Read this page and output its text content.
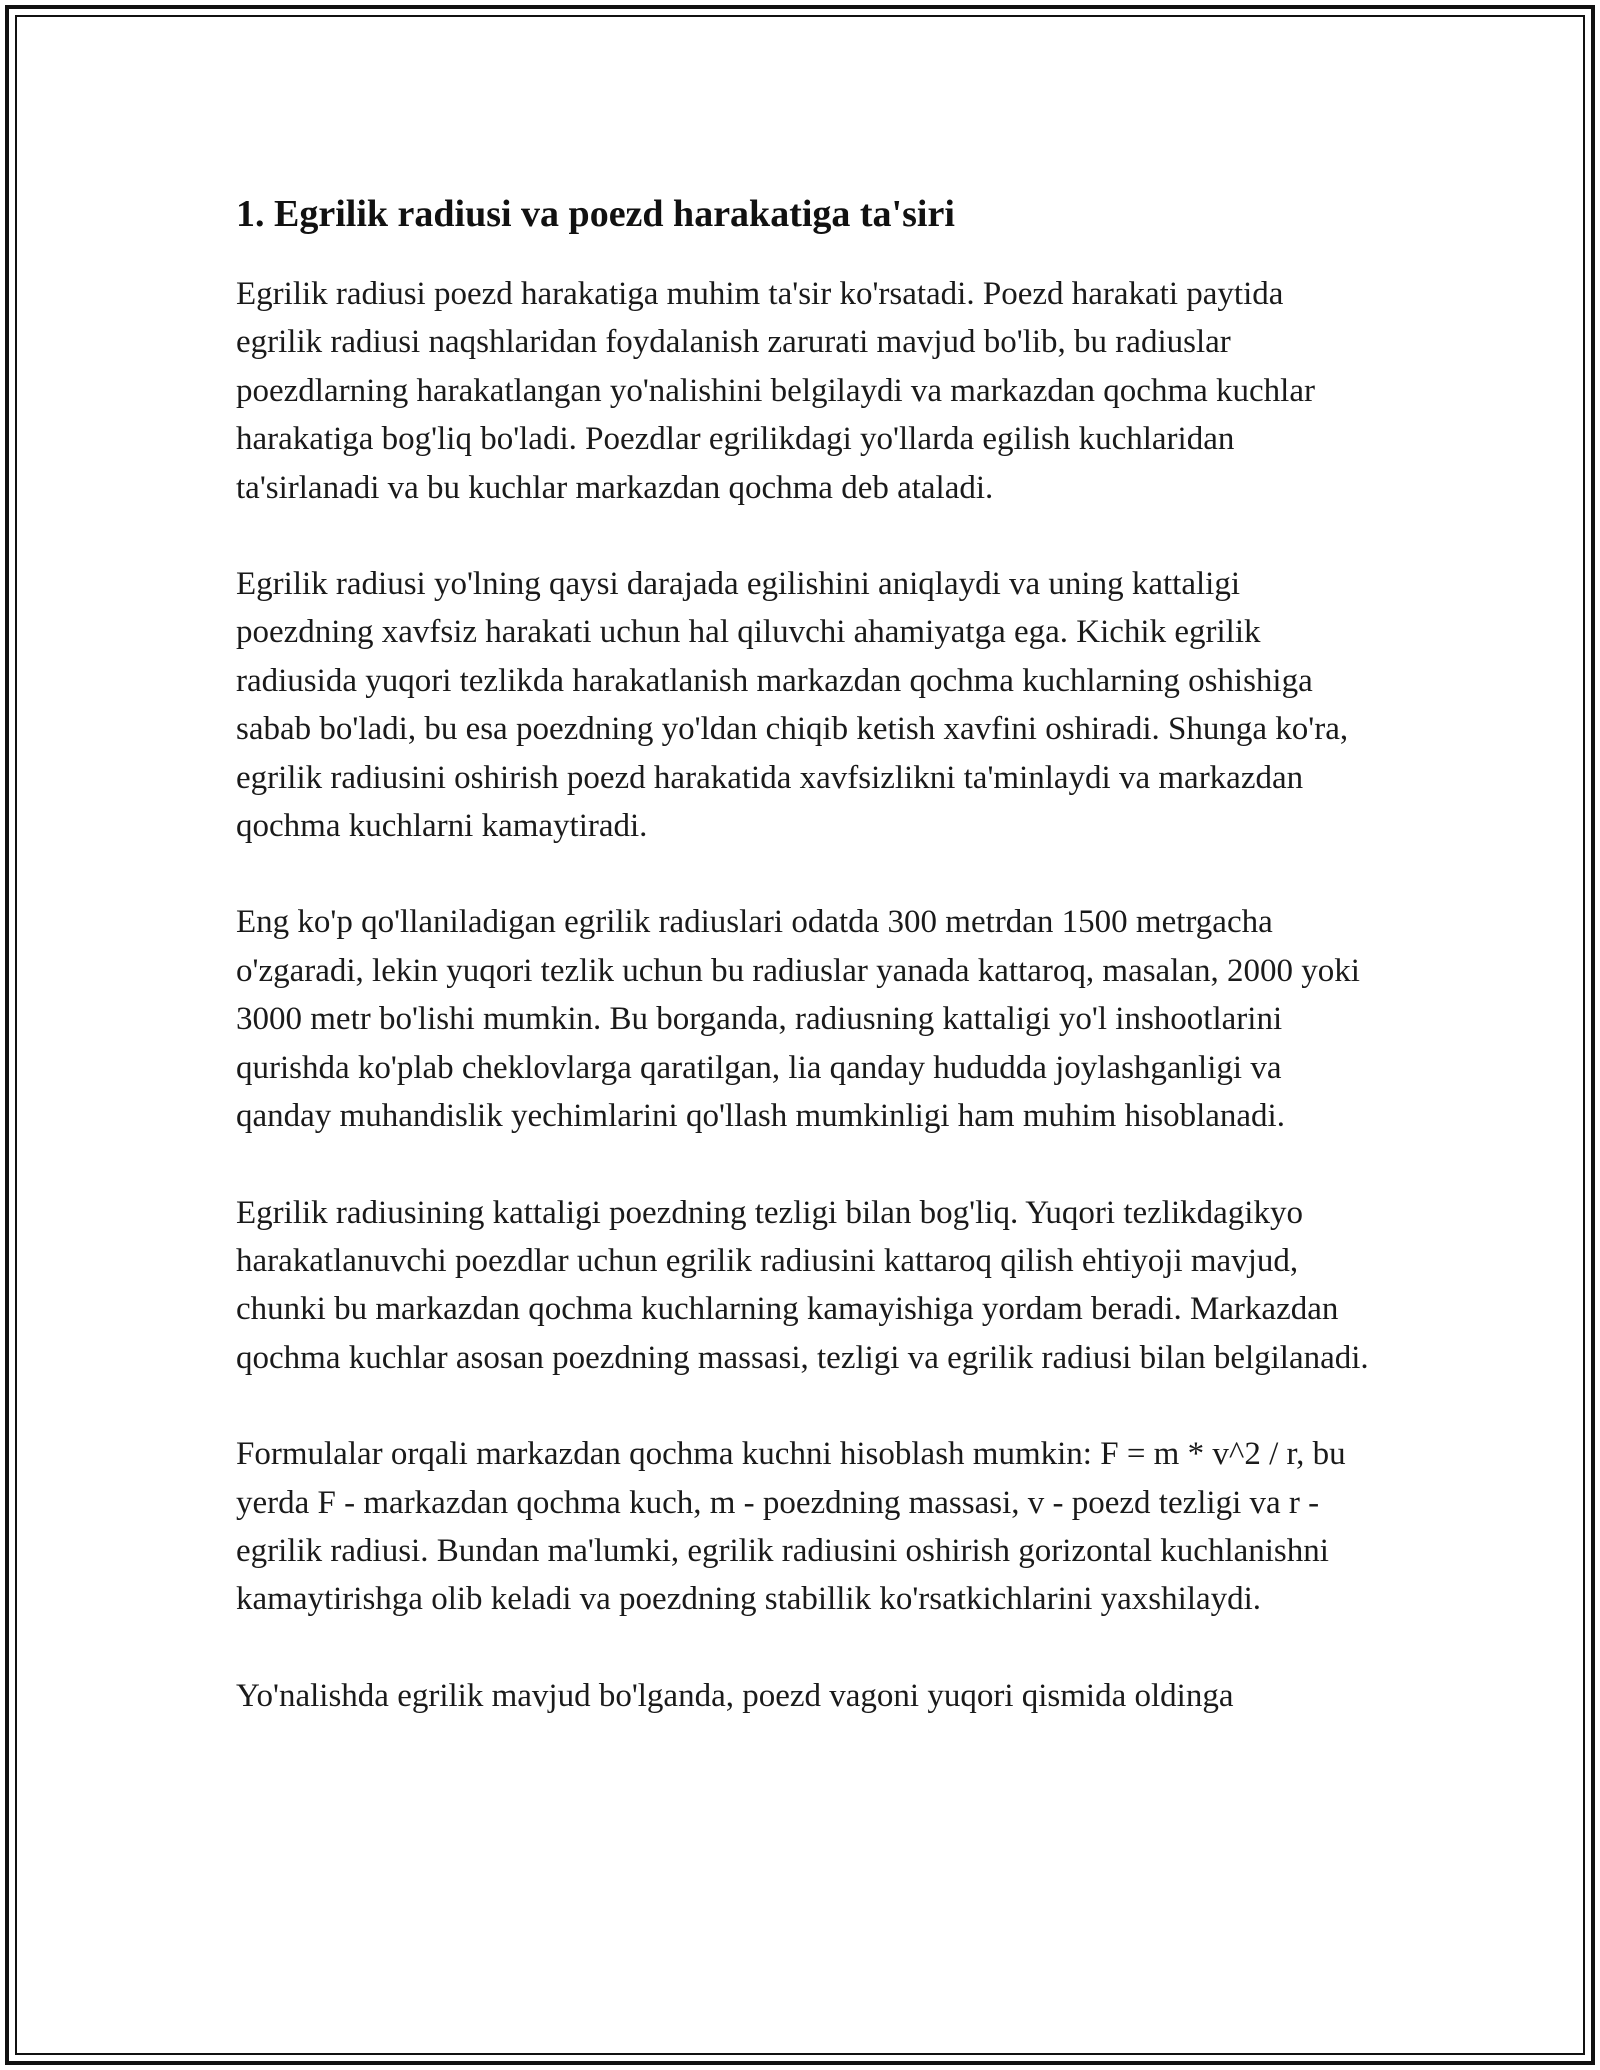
1. Egrilik radiusi va poezd harakatiga ta'siri

Egrilik radiusi poezd harakatiga muhim ta'sir ko'rsatadi. Poezd harakati paytida egrilik radiusi naqshlaridan foydalanish zarurati mavjud bo'lib, bu radiuslar poezdlarning harakatlangan yo'nalishini belgilaydi va markazdan qochma kuchlar harakatiga bog'liq bo'ladi. Poezdlar egrilikdagi yo'llarda egilish kuchlaridan ta'sirlanadi va bu kuchlar markazdan qochma deb ataladi.

Egrilik radiusi yo'lning qaysi darajada egilishini aniqlaydi va uning kattaligi poezdning xavfsiz harakati uchun hal qiluvchi ahamiyatga ega. Kichik egrilik radiusida yuqori tezlikda harakatlanish markazdan qochma kuchlarning oshishiga sabab bo'ladi, bu esa poezdning yo'ldan chiqib ketish xavfini oshiradi. Shunga ko'ra, egrilik radiusini oshirish poezd harakatida xavfsizlikni ta'minlaydi va markazdan qochma kuchlarni kamaytiradi.

Eng ko'p qo'llaniladigan egrilik radiuslari odatda 300 metrdan 1500 metrgacha o'zgaradi, lekin yuqori tezlik uchun bu radiuslar yanada kattaroq, masalan, 2000 yoki 3000 metr bo'lishi mumkin. Bu borganda, radiusning kattaligi yo'l inshootlarini qurishda ko'plab cheklovlarga qaratilgan, lia qanday hududda joylashganligi va qanday muhandislik yechimlarini qo'llash mumkinligi ham muhim hisoblanadi.

Egrilik radiusining kattaligi poezdning tezligi bilan bog'liq. Yuqori tezlikdagikyo harakatlanuvchi poezdlar uchun egrilik radiusini kattaroq qilish ehtiyoji mavjud, chunki bu markazdan qochma kuchlarning kamayishiga yordam beradi. Markazdan qochma kuchlar asosan poezdning massasi, tezligi va egrilik radiusi bilan belgilanadi.

Formulalar orqali markazdan qochma kuchni hisoblash mumkin: F = m * v^2 / r, bu yerda F - markazdan qochma kuch, m - poezdning massasi, v - poezd tezligi va r - egrilik radiusi. Bundan ma'lumki, egrilik radiusini oshirish gorizontal kuchlanishni kamaytirishga olib keladi va poezdning stabillik ko'rsatkichlarini yaxshilaydi.

Yo'nalishda egrilik mavjud bo'lganda, poezd vagoni yuqori qismida oldinga
